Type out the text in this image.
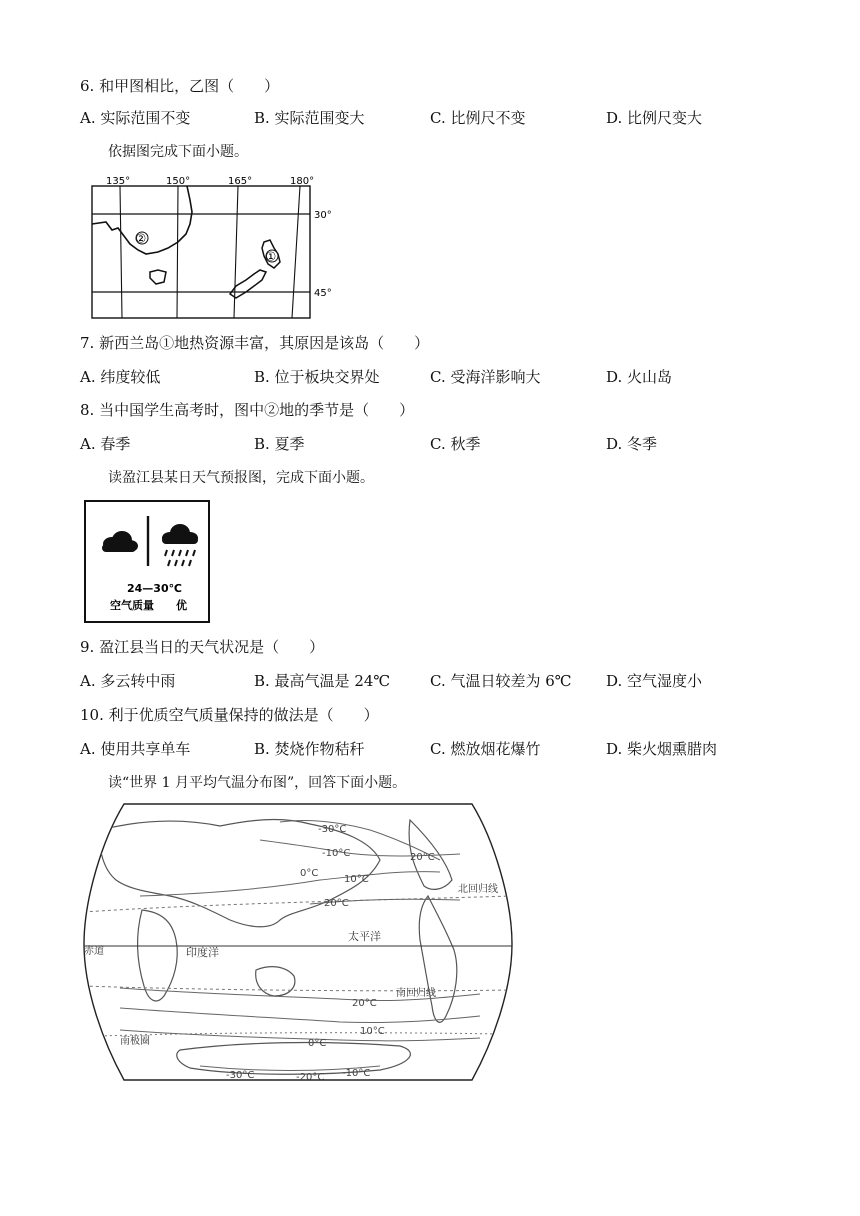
6. 和甲图相比，乙图（　　）
A. 实际范围不变	B. 实际范围变大	C. 比例尺不变	D. 比例尺变大
依据图完成下面小题。
135°	150°	165°	180°
30°
45°
②
①
7. 新西兰岛①地热资源丰富，其原因是该岛（　　）
A. 纬度较低	B. 位于板块交界处	C. 受海洋影响大	D. 火山岛
8. 当中国学生高考时，图中②地的季节是（　　）
A. 春季	B. 夏季	C. 秋季	D. 冬季
读盈江县某日天气预报图，完成下面小题。
24—30℃
空气质量 优
9. 盈江县当日的天气状况是（　　）
A. 多云转中雨	B. 最高气温是 24℃	C. 气温日较差为 6℃ D. 空气湿度小
10. 利于优质空气质量保持的做法是（　　）
A. 使用共享单车	B. 焚烧作物秸秆	C. 燃放烟花爆竹	D. 柴火烟熏腊肉
读“世界 1 月平均气温分布图”，回答下面小题。
赤道	印度洋
太平洋
北回归线
南回归线
南极圈
-30°C
-10°C
0°C
10°C
20°C
20°C
20°C
10°C
0°C
-10°C
-20°C
-30°C
